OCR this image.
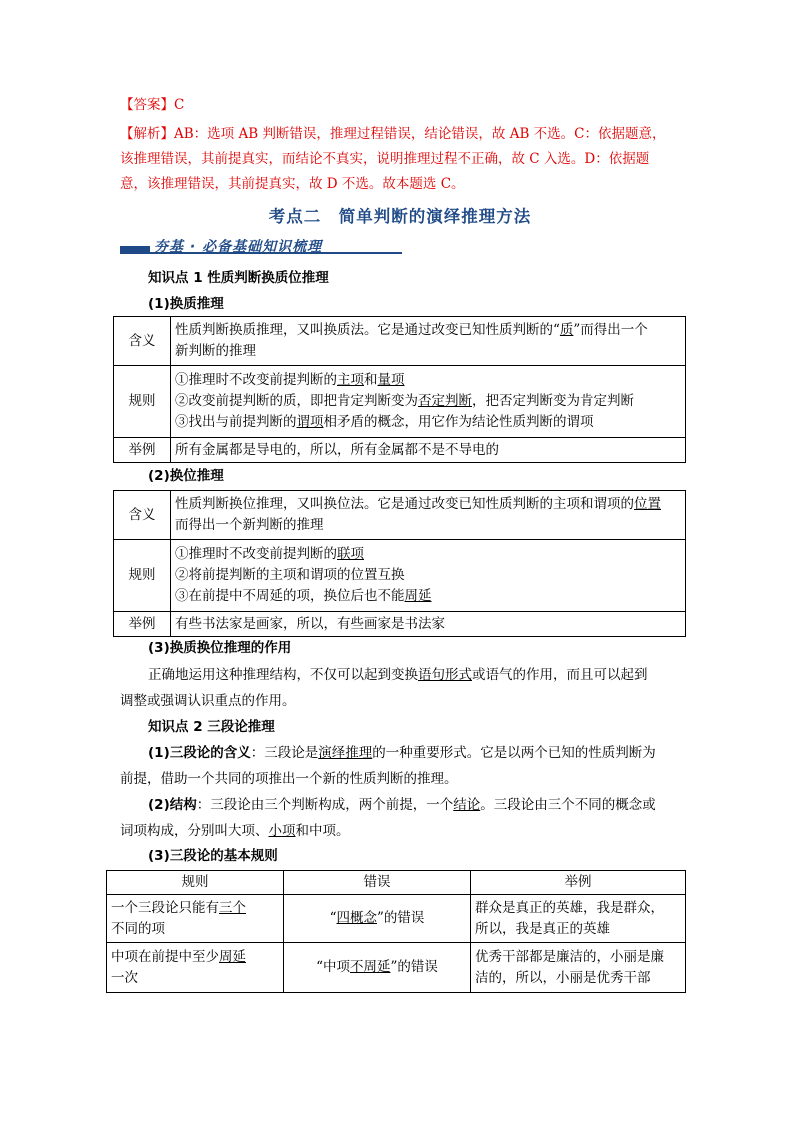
【答案】C
【解析】AB：选项 AB 判断错误，推理过程错误，结论错误，故 AB 不选。C：依据题意，
该推理错误，其前提真实，而结论不真实，说明推理过程不正确，故 C 入选。D：依据题
意，该推理错误，其前提真实，故 D 不选。故本题选 C。
考点二　简单判断的演绎推理方法
夯基 · 必备基础知识梳理
知识点 1 性质判断换质位推理
(1)换质推理
含义	性质判断换质推理，又叫换质法。它是通过改变已知性质判断的“质”而得出一个
新判断的推理
规则	①推理时不改变前提判断的主项和量项
②改变前提判断的质，即把肯定判断变为否定判断，把否定判断变为肯定判断
③找出与前提判断的谓项相矛盾的概念，用它作为结论性质判断的谓项
举例	所有金属都是导电的，所以，所有金属都不是不导电的
(2)换位推理
含义	性质判断换位推理，又叫换位法。它是通过改变已知性质判断的主项和谓项的位置
而得出一个新判断的推理
规则	①推理时不改变前提判断的联项
②将前提判断的主项和谓项的位置互换
③在前提中不周延的项，换位后也不能周延
举例	有些书法家是画家，所以，有些画家是书法家
(3)换质换位推理的作用
正确地运用这种推理结构，不仅可以起到变换语句形式或语气的作用，而且可以起到
调整或强调认识重点的作用。
知识点 2 三段论推理
(1)三段论的含义：三段论是演绎推理的一种重要形式。它是以两个已知的性质判断为
前提，借助一个共同的项推出一个新的性质判断的推理。
(2)结构：三段论由三个判断构成，两个前提，一个结论。三段论由三个不同的概念或
词项构成，分别叫大项、小项和中项。
(3)三段论的基本规则
规则	错误	举例
一个三段论只能有三个
不同的项	“四概念”的错误	群众是真正的英雄，我是群众，
所以，我是真正的英雄
中项在前提中至少周延
一次	“中项不周延”的错误	优秀干部都是廉洁的，小丽是廉
洁的，所以，小丽是优秀干部
